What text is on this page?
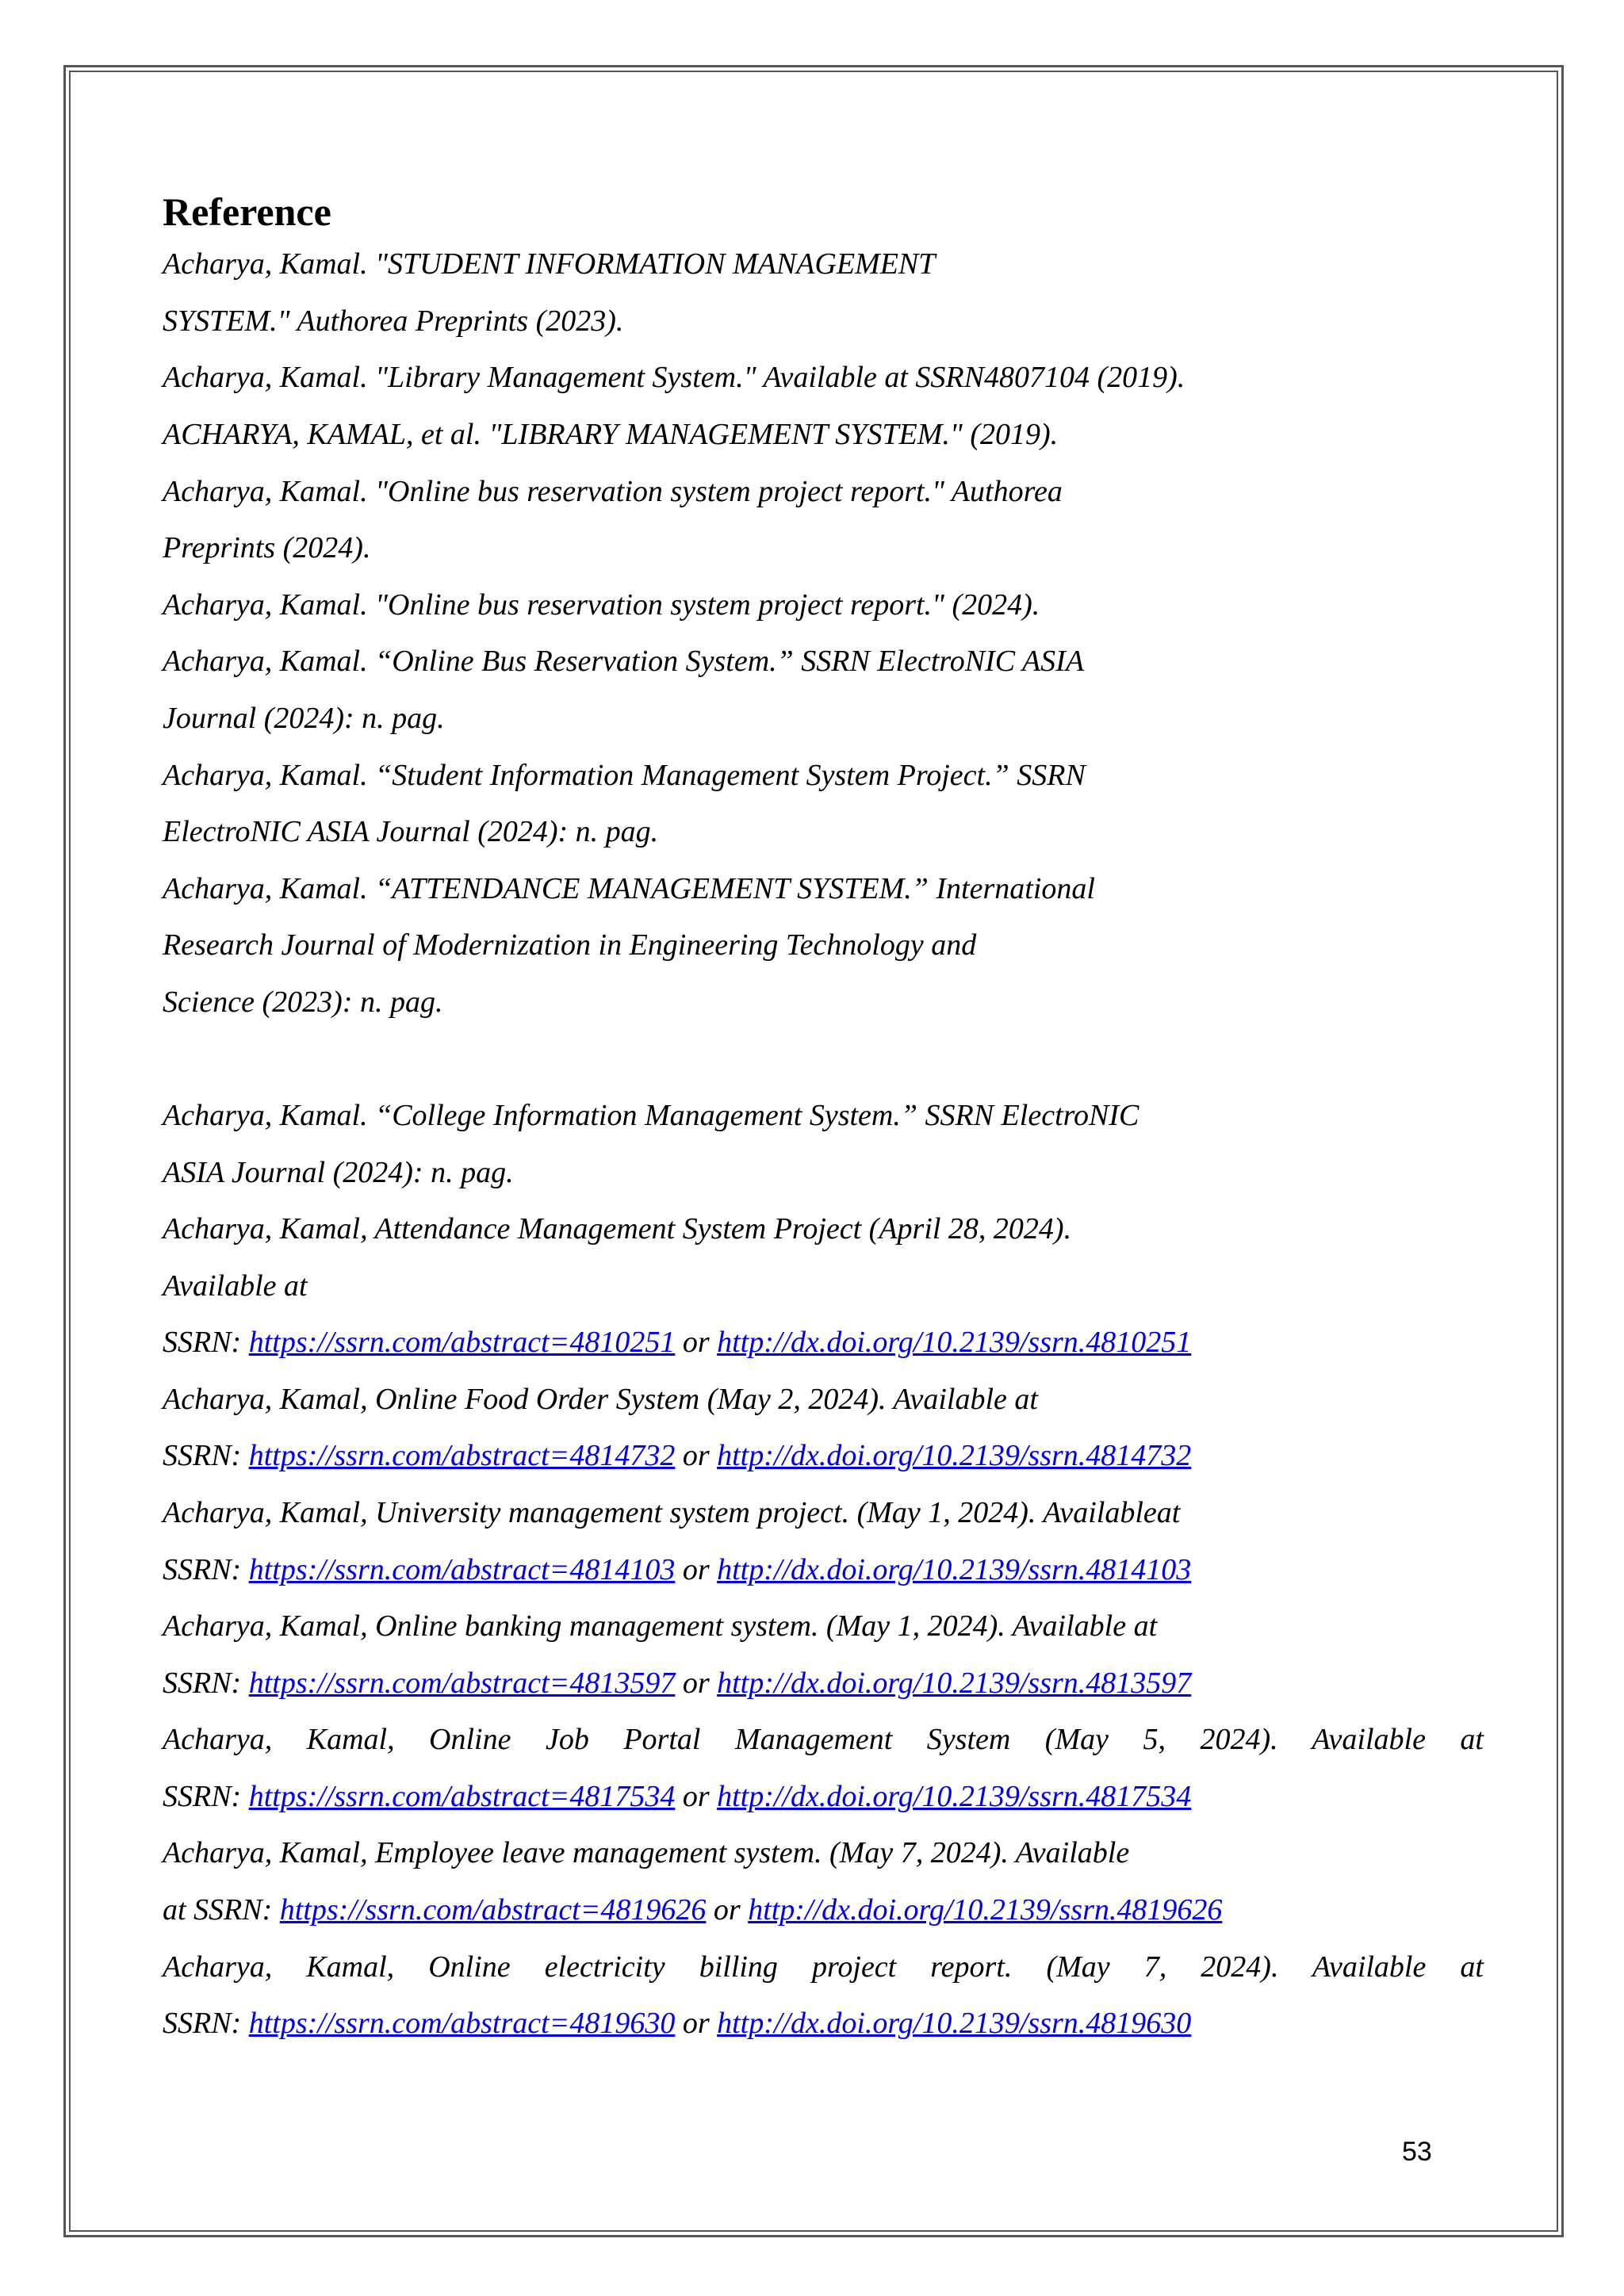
Reference
Acharya, Kamal. "STUDENT INFORMATION MANAGEMENT
SYSTEM." Authorea Preprints (2023).
Acharya, Kamal. "Library Management System." Available at SSRN4807104 (2019).
ACHARYA, KAMAL, et al. "LIBRARY MANAGEMENT SYSTEM." (2019).
Acharya, Kamal. "Online bus reservation system project report." Authorea
Preprints (2024).
Acharya, Kamal. "Online bus reservation system project report." (2024).
Acharya, Kamal. “Online Bus Reservation System.” SSRN ElectroNIC ASIA
Journal (2024): n. pag.
Acharya, Kamal. “Student Information Management System Project.” SSRN
ElectroNIC ASIA Journal (2024): n. pag.
Acharya, Kamal. “ATTENDANCE MANAGEMENT SYSTEM.” International
Research Journal of Modernization in Engineering Technology and
Science (2023): n. pag.
Acharya, Kamal. “College Information Management System.” SSRN ElectroNIC
ASIA Journal (2024): n. pag.
Acharya, Kamal, Attendance Management System Project (April 28, 2024).
Available at
SSRN: https://ssrn.com/abstract=4810251 or http://dx.doi.org/10.2139/ssrn.4810251
Acharya, Kamal, Online Food Order System (May 2, 2024). Available at
SSRN: https://ssrn.com/abstract=4814732 or http://dx.doi.org/10.2139/ssrn.4814732
Acharya, Kamal, University management system project. (May 1, 2024). Availableat
SSRN: https://ssrn.com/abstract=4814103 or http://dx.doi.org/10.2139/ssrn.4814103
Acharya, Kamal, Online banking management system. (May 1, 2024). Available at
SSRN: https://ssrn.com/abstract=4813597 or http://dx.doi.org/10.2139/ssrn.4813597
Acharya, Kamal, Online Job Portal Management System (May 5, 2024). Available at
SSRN: https://ssrn.com/abstract=4817534 or http://dx.doi.org/10.2139/ssrn.4817534
Acharya, Kamal, Employee leave management system. (May 7, 2024). Available
at SSRN: https://ssrn.com/abstract=4819626 or http://dx.doi.org/10.2139/ssrn.4819626
Acharya, Kamal, Online electricity billing project report. (May 7, 2024). Available at
SSRN: https://ssrn.com/abstract=4819630 or http://dx.doi.org/10.2139/ssrn.4819630
53
